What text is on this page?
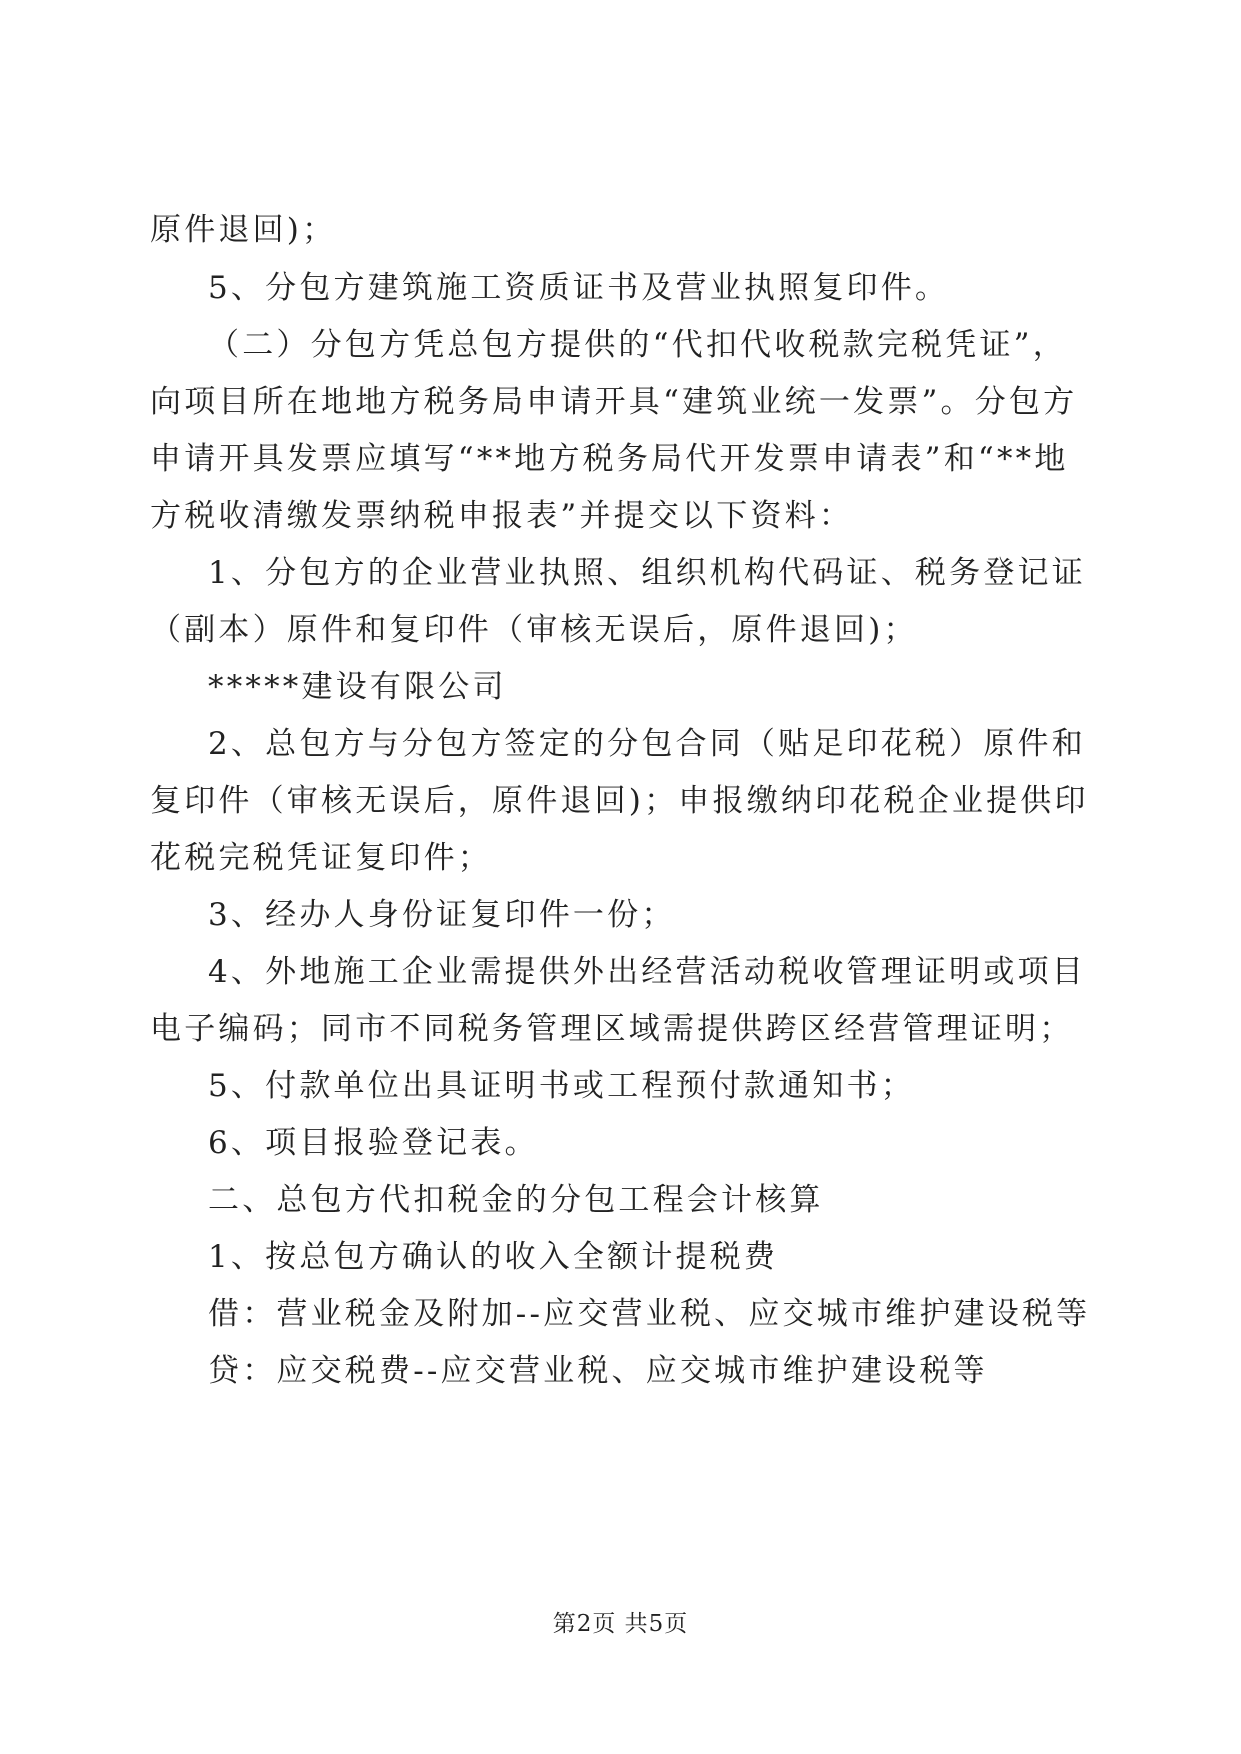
原件退回)；
5、分包方建筑施工资质证书及营业执照复印件。
（二）分包方凭总包方提供的“代扣代收税款完税凭证”，
向项目所在地地方税务局申请开具“建筑业统一发票”。分包方
申请开具发票应填写“**地方税务局代开发票申请表”和“**地
方税收清缴发票纳税申报表”并提交以下资料：
1、分包方的企业营业执照、组织机构代码证、税务登记证
（副本）原件和复印件（审核无误后，原件退回)；
*****建设有限公司
2、总包方与分包方签定的分包合同（贴足印花税）原件和
复印件（审核无误后，原件退回)；申报缴纳印花税企业提供印
花税完税凭证复印件；
3、经办人身份证复印件一份；
4、外地施工企业需提供外出经营活动税收管理证明或项目
电子编码；同市不同税务管理区域需提供跨区经营管理证明；
5、付款单位出具证明书或工程预付款通知书；
6、项目报验登记表。
二、总包方代扣税金的分包工程会计核算
1、按总包方确认的收入全额计提税费
借：营业税金及附加--应交营业税、应交城市维护建设税等
贷：应交税费--应交营业税、应交城市维护建设税等
第2页 共5页
